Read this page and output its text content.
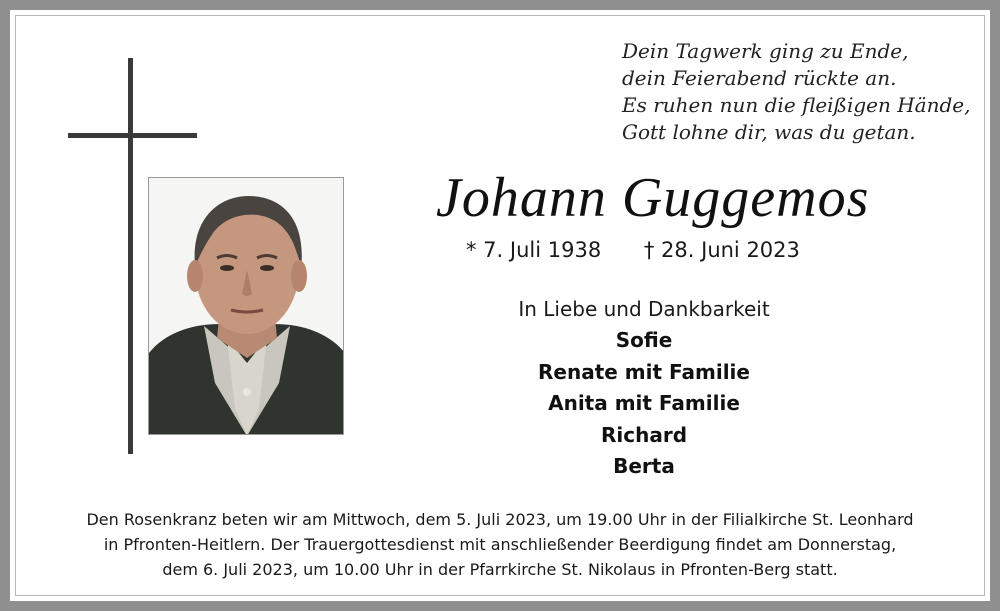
Dein Tagwerk ging zu Ende,
dein Feierabend rückte an.
Es ruhen nun die fleißigen Hände,
Gott lohne dir, was du getan.
Johann Guggemos
* 7. Juli 1938 † 28. Juni 2023
In Liebe und Dankbarkeit
Sofie
Renate mit Familie
Anita mit Familie
Richard
Berta
Den Rosenkranz beten wir am Mittwoch, dem 5. Juli 2023, um 19.00 Uhr in der Filialkirche St. Leonhard
in Pfronten-Heitlern. Der Trauergottesdienst mit anschließender Beerdigung findet am Donnerstag,
dem 6. Juli 2023, um 10.00 Uhr in der Pfarrkirche St. Nikolaus in Pfronten-Berg statt.
